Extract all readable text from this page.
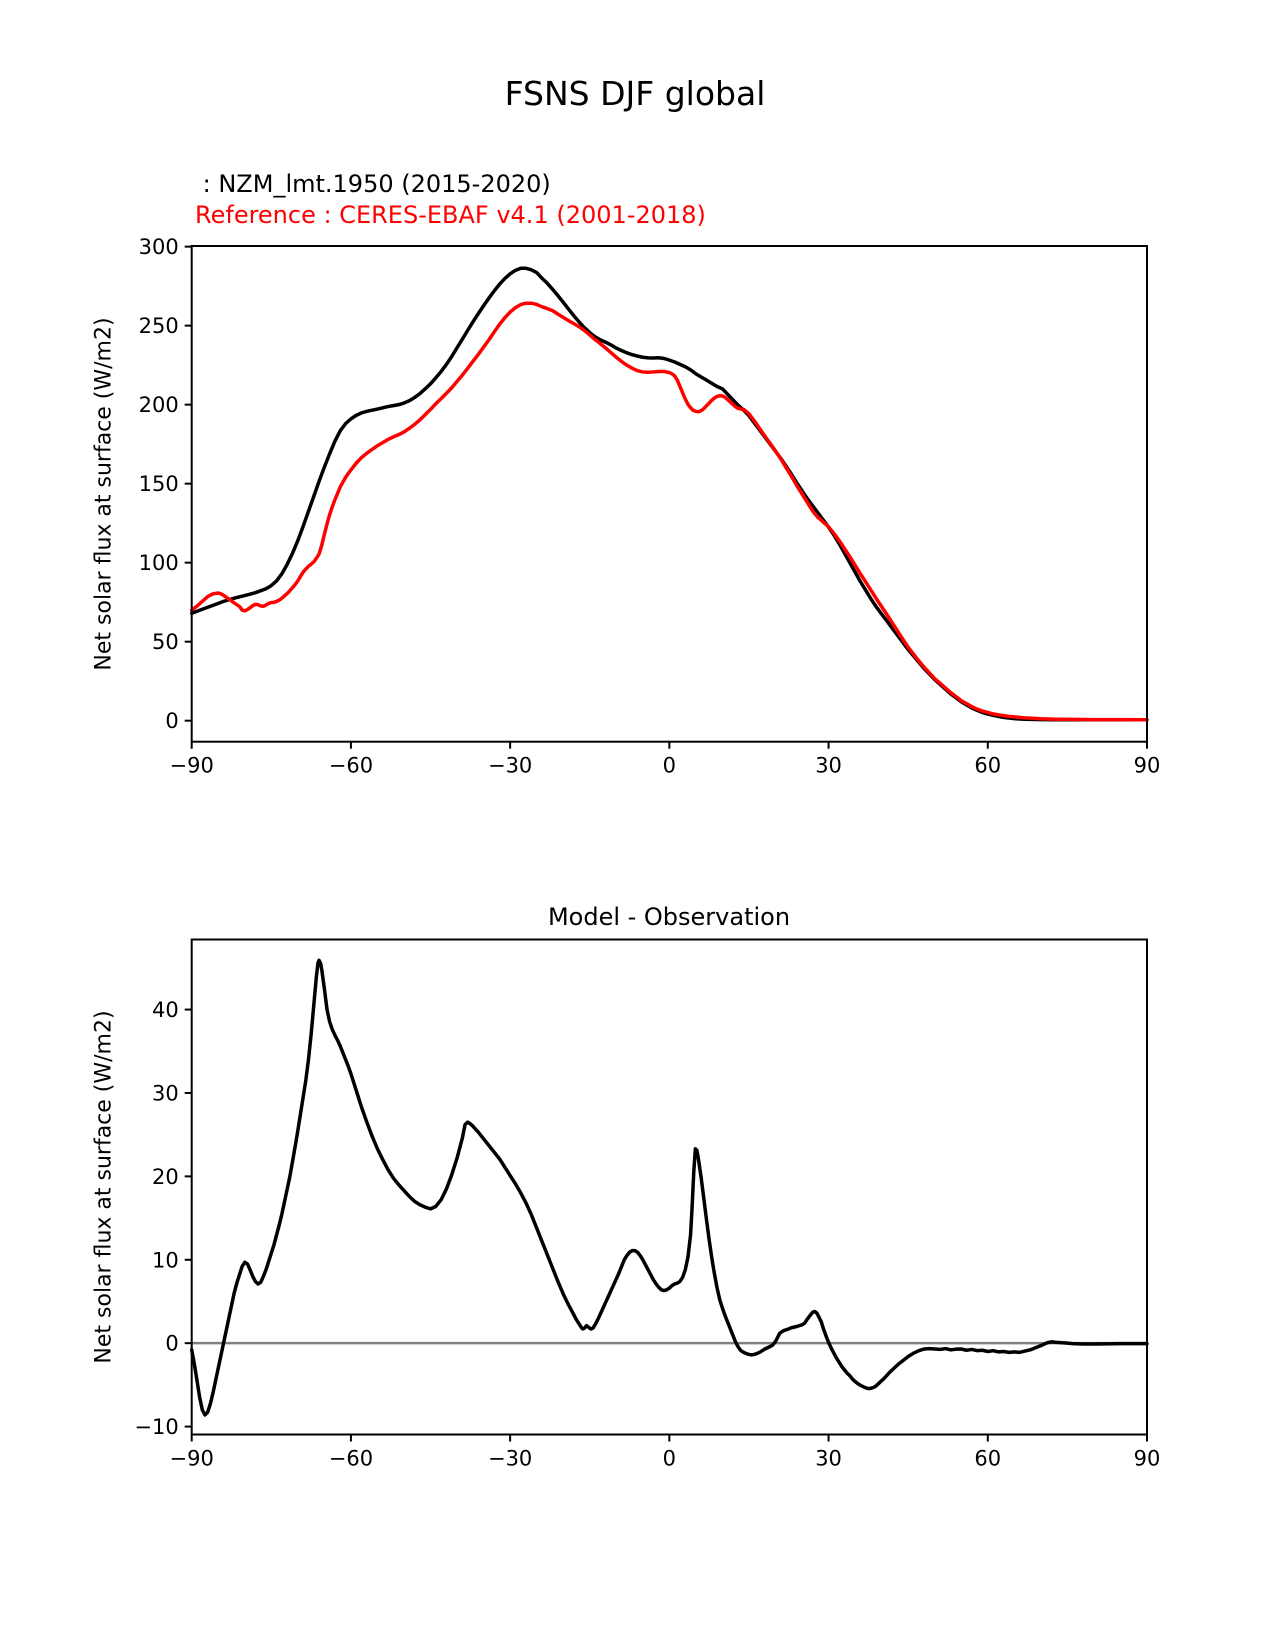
FSNS DJF global
: NZM_lmt.1950 (2015-2020)
Reference : CERES-EBAF v4.1 (2001-2018)
Net solar flux at surface (W/m2)
−90	−60	−30	0	30	60	90
0
50
100
150
200
250
300
Model - Observation
Net solar flux at surface (W/m2)
−90	−60	−30	0	30	60	90
−10
0
10
20
30
40
